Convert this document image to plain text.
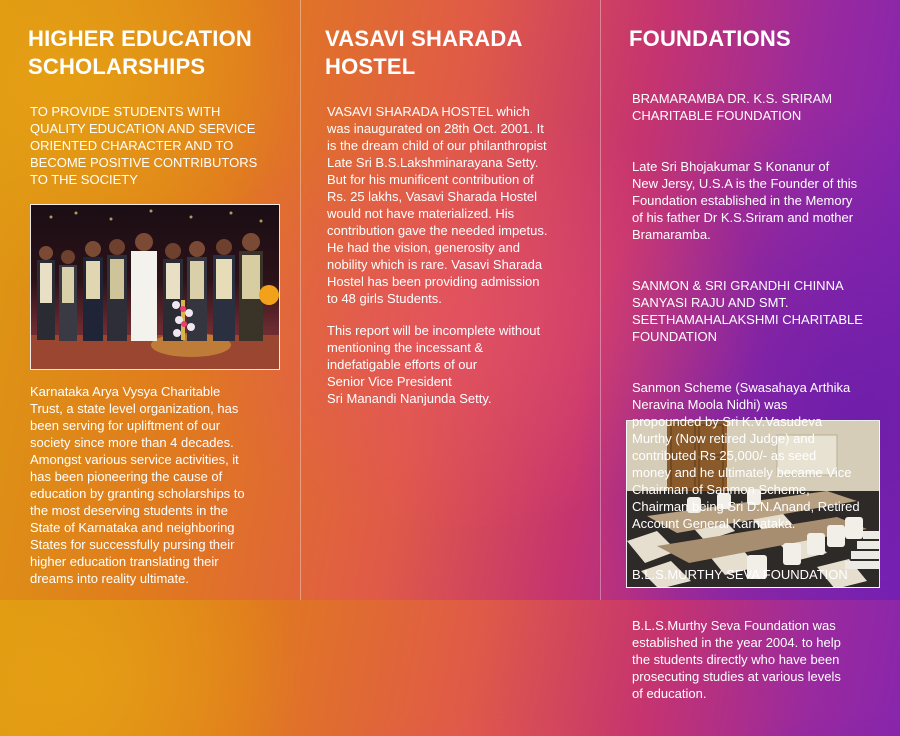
HIGHER EDUCATION
SCHOLARSHIPS
TO PROVIDE STUDENTS WITH
QUALITY EDUCATION AND SERVICE
ORIENTED CHARACTER AND TO
BECOME POSITIVE CONTRIBUTORS
TO THE SOCIETY
Karnataka Arya Vysya Charitable
Trust, a state level organization, has
been serving for upliftment of our
society since more than 4 decades.
Amongst various service activities, it
has been pioneering the cause of
education by granting scholarships to
the most deserving students in the
State of Karnataka and neighboring
States for successfully pursing their
higher education translating their
dreams into reality ultimate.
VASAVI SHARADA
HOSTEL
VASAVI SHARADA HOSTEL which
was inaugurated on 28th Oct. 2001. It
is the dream child of our philanthropist
Late Sri B.S.Lakshminarayana Setty.
But for his munificent contribution of
Rs. 25 lakhs, Vasavi Sharada Hostel
would not have materialized. His
contribution gave the needed impetus.
He had the vision, generosity and
nobility which is rare. Vasavi Sharada
Hostel has been providing admission
to 48 girls Students.
This report will be incomplete without
mentioning the incessant &
indefatigable efforts of our
Senior Vice President
Sri Manandi Nanjunda Setty.
FOUNDATIONS

BRAMARAMBA DR. K.S. SRIRAM
CHARITABLE FOUNDATION

Late Sri Bhojakumar S Konanur of
New Jersy, U.S.A is the Founder of this
Foundation established in the Memory
of his father Dr K.S.Sriram and mother
Bramaramba.

SANMON & SRI GRANDHI CHINNA
SANYASI RAJU AND SMT.
SEETHAMAHALAKSHMI CHARITABLE
FOUNDATION

Sanmon Scheme (Swasahaya Arthika
Neravina Moola Nidhi) was
propounded by Sri K.V.Vasudeva
Murthy (Now retired Judge) and
contributed Rs 25,000/- as seed
money and he ultimately became Vice
Chairman of Sanmon Scheme,
Chairman being Sri D.N.Anand, Retired
Account General Karnataka.

B.L.S.MURTHY SEVA FOUNDATION

B.L.S.Murthy Seva Foundation was
established in the year 2004. to help
the students directly who have been
prosecuting studies at various levels
of education.
